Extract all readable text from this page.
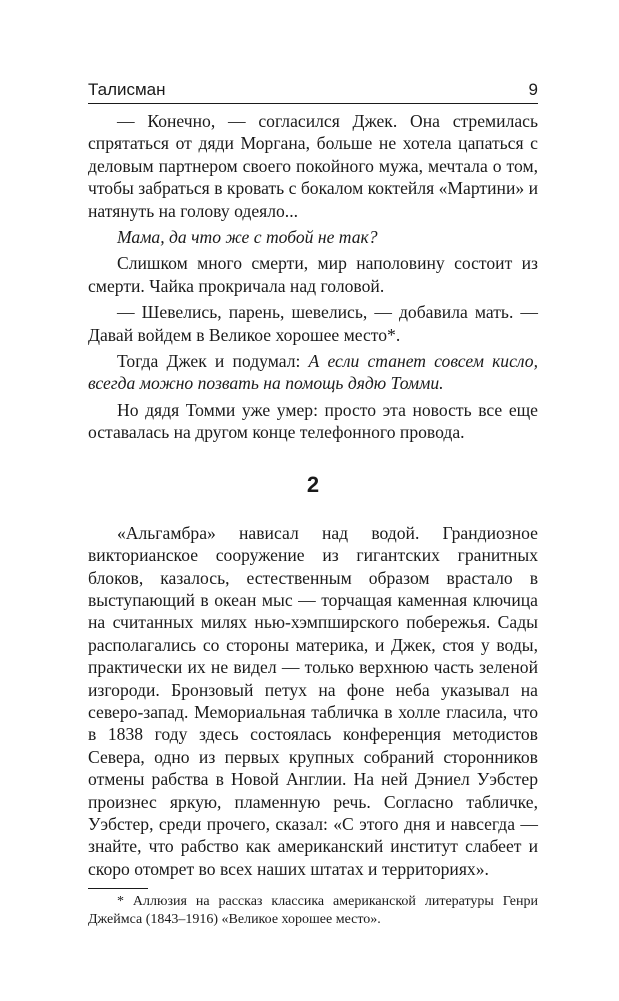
Талисман	9

— Конечно, — согласился Джек. Она стремилась спрятаться от дяди Моргана, больше не хотела цапаться с деловым партнером своего покойного мужа, мечтала о том, чтобы забраться в кровать с бокалом коктейля «Мартини» и натянуть на голову одеяло...

Мама, да что же с тобой не так?

Слишком много смерти, мир наполовину состоит из смерти. Чайка прокричала над головой.

— Шевелись, парень, шевелись, — добавила мать. — Давай войдем в Великое хорошее место*.

Тогда Джек и подумал: А если станет совсем кисло, всегда можно позвать на помощь дядю Томми.

Но дядя Томми уже умер: просто эта новость все еще оставалась на другом конце телефонного провода.

2

«Альгамбра» нависал над водой. Грандиозное викторианское сооружение из гигантских гранитных блоков, казалось, естественным образом врастало в выступающий в океан мыс — торчащая каменная ключица на считанных милях нью-хэмпширского побережья. Сады располагались со стороны материка, и Джек, стоя у воды, практически их не видел — только верхнюю часть зеленой изгороди. Бронзовый петух на фоне неба указывал на северо-запад. Мемориальная табличка в холле гласила, что в 1838 году здесь состоялась конференция методистов Севера, одно из первых крупных собраний сторонников отмены рабства в Новой Англии. На ней Дэниел Уэбстер произнес яркую, пламенную речь. Согласно табличке, Уэбстер, среди прочего, сказал: «С этого дня и навсегда — знайте, что рабство как американский институт слабеет и скоро отомрет во всех наших штатах и территориях».

* Аллюзия на рассказ классика американской литературы Генри Джеймса (1843–1916) «Великое хорошее место».
